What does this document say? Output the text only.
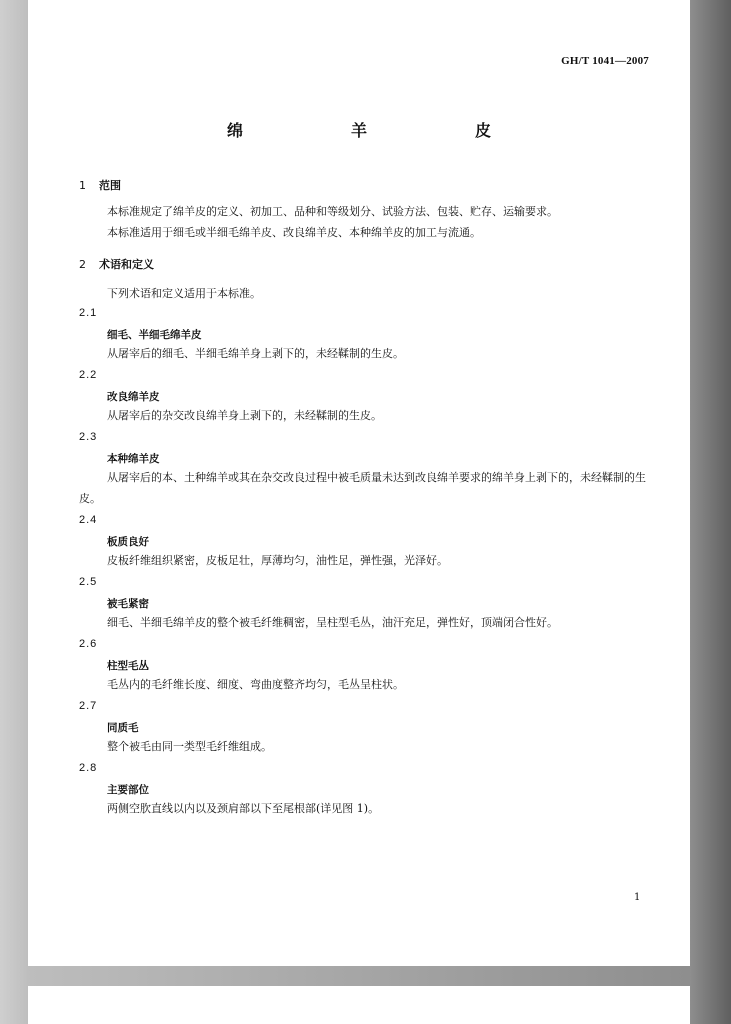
GH/T 1041—2007
绵　羊　皮
1 范围
本标准规定了绵羊皮的定义、初加工、品种和等级划分、试验方法、包装、贮存、运输要求。
本标准适用于细毛或半细毛绵羊皮、改良绵羊皮、本种绵羊皮的加工与流通。
2 术语和定义
下列术语和定义适用于本标准。
2.1
细毛、半细毛绵羊皮
从屠宰后的细毛、半细毛绵羊身上剥下的，未经鞣制的生皮。
2.2
改良绵羊皮
从屠宰后的杂交改良绵羊身上剥下的，未经鞣制的生皮。
2.3
本种绵羊皮
从屠宰后的本、土种绵羊或其在杂交改良过程中被毛质量未达到改良绵羊要求的绵羊身上剥下的，未经鞣制的生皮。
2.4
板质良好
皮板纤维组织紧密，皮板足壮，厚薄均匀，油性足，弹性强，光泽好。
2.5
被毛紧密
细毛、半细毛绵羊皮的整个被毛纤维稠密，呈柱型毛丛，油汗充足，弹性好，顶端闭合性好。
2.6
柱型毛丛
毛丛内的毛纤维长度、细度、弯曲度整齐均匀，毛丛呈柱状。
2.7
同质毛
整个被毛由同一类型毛纤维组成。
2.8
主要部位
两侧空肷直线以内以及颈肩部以下至尾根部(详见图 1)。
1
